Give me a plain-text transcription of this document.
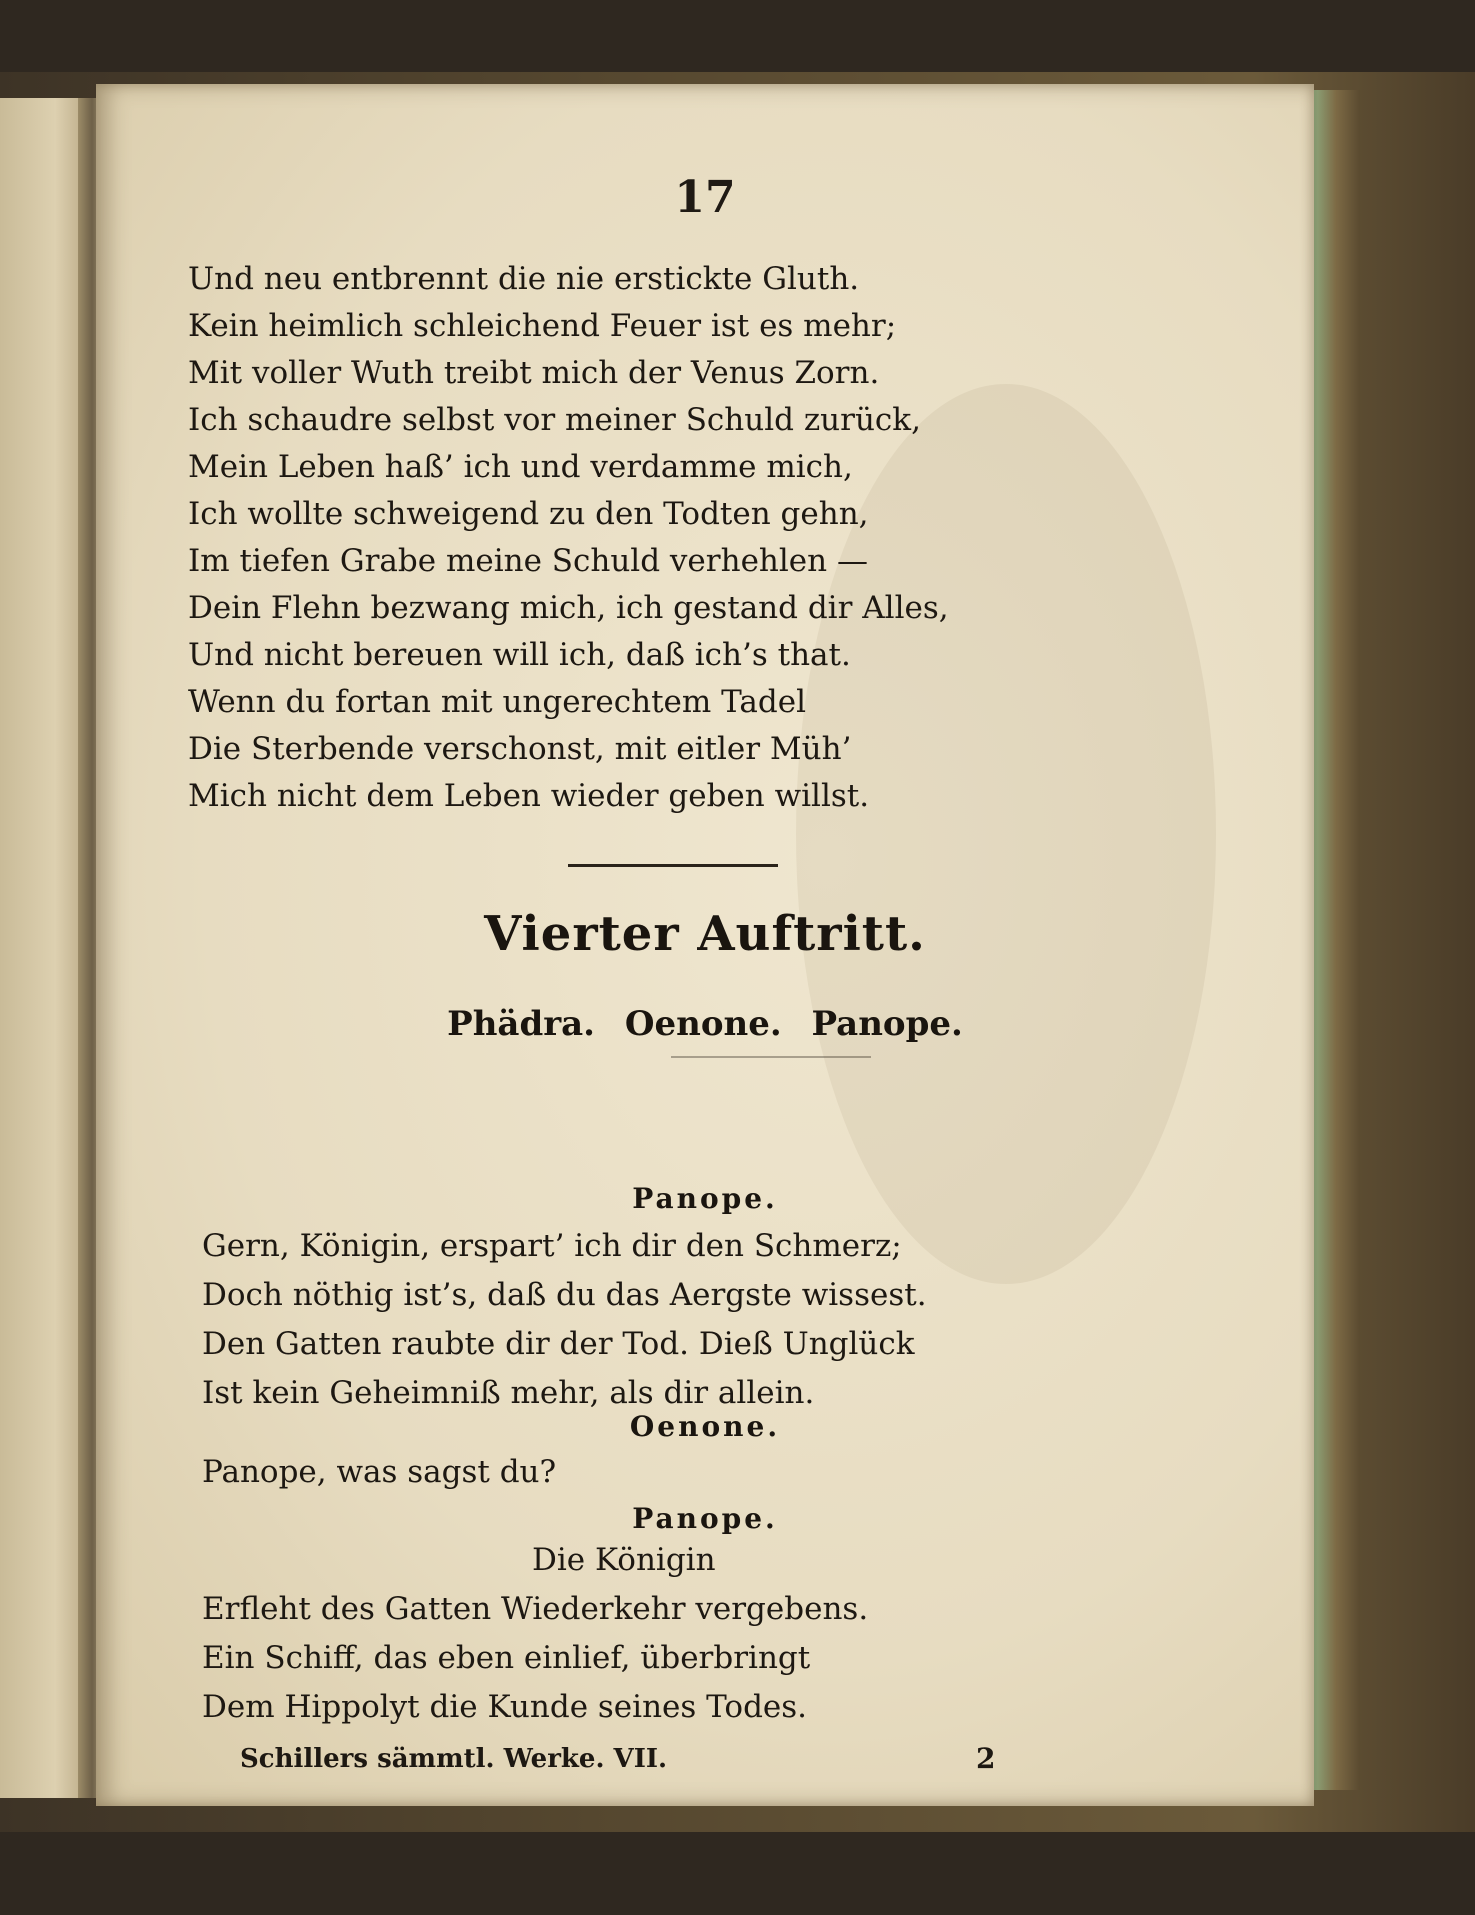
17
Und neu entbrennt die nie erstickte Gluth.
Kein heimlich schleichend Feuer ist es mehr;
Mit voller Wuth treibt mich der Venus Zorn.
Ich schaudre selbst vor meiner Schuld zurück,
Mein Leben haß’ ich und verdamme mich,
Ich wollte schweigend zu den Todten gehn,
Im tiefen Grabe meine Schuld verhehlen —
Dein Flehn bezwang mich, ich gestand dir Alles,
Und nicht bereuen will ich, daß ich’s that.
Wenn du fortan mit ungerechtem Tadel
Die Sterbende verschonst, mit eitler Müh’
Mich nicht dem Leben wieder geben willst.
Vierter Auftritt.
Phädra. Oenone. Panope.
Panope.
Gern, Königin, erspart’ ich dir den Schmerz;
Doch nöthig ist’s, daß du das Aergste wissest.
Den Gatten raubte dir der Tod. Dieß Unglück
Ist kein Geheimniß mehr, als dir allein.
Oenone.
Panope, was sagst du?
Panope.
Die Königin
Erfleht des Gatten Wiederkehr vergebens.
Ein Schiff, das eben einlief, überbringt
Dem Hippolyt die Kunde seines Todes.
Schillers sämmtl. Werke. VII.	2
